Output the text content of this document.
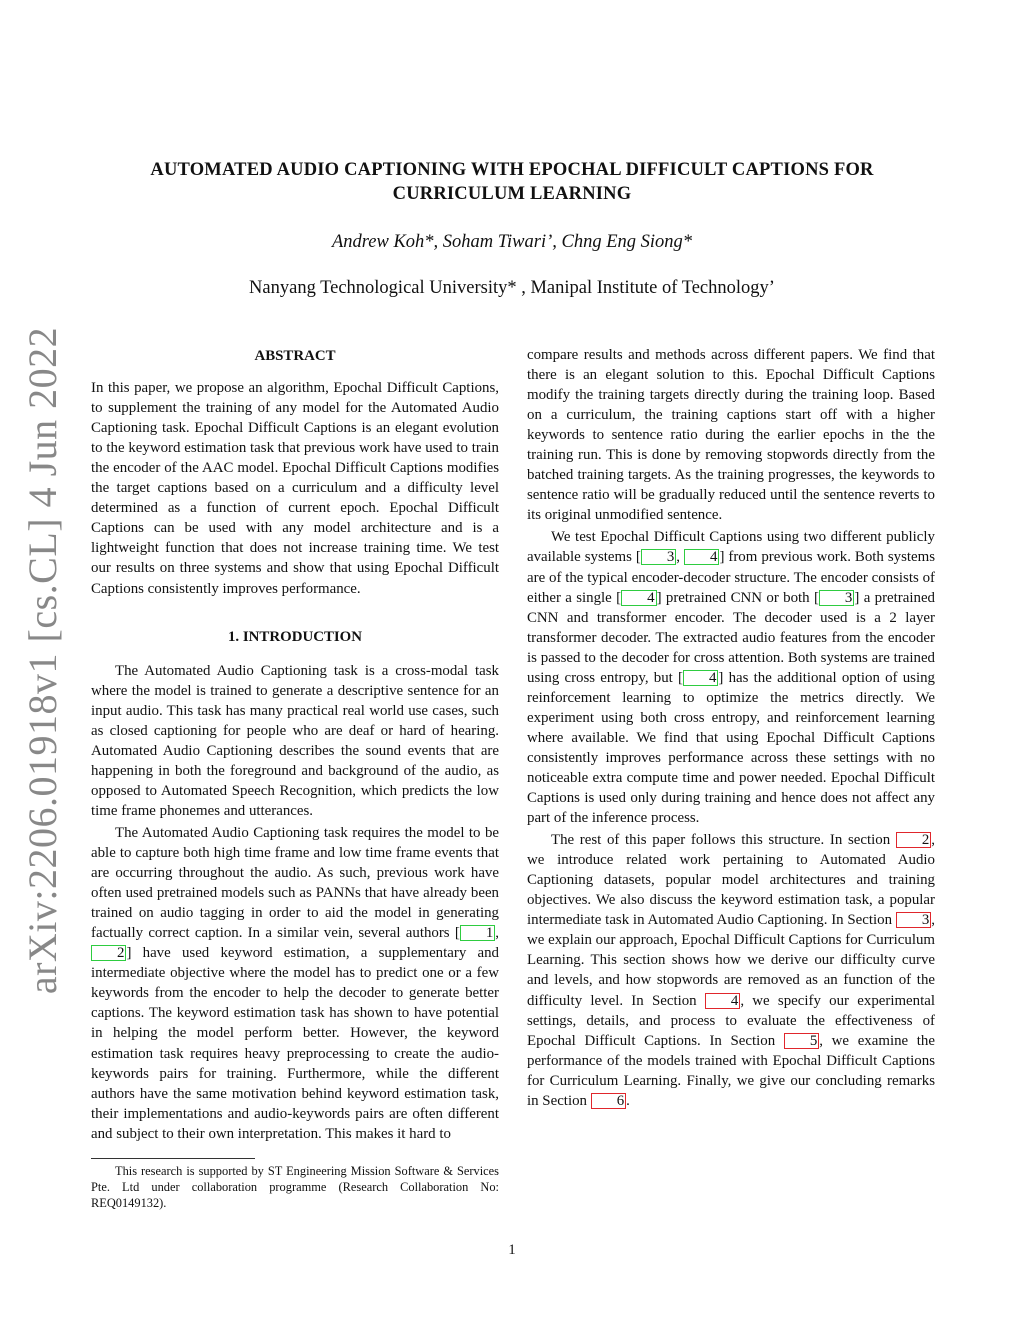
arXiv:2206.01918v1 [cs.CL] 4 Jun 2022
AUTOMATED AUDIO CAPTIONING WITH EPOCHAL DIFFICULT CAPTIONS FOR
CURRICULUM LEARNING
Andrew Koh*, Soham Tiwari’, Chng Eng Siong*
Nanyang Technological University* , Manipal Institute of Technology’
ABSTRACT

In this paper, we propose an algorithm, Epochal Difficult Captions, to supplement the training of any model for the Automated Audio Captioning task. Epochal Difficult Captions is an elegant evolution to the keyword estimation task that previous work have used to train the encoder of the AAC model. Epochal Difficult Captions modifies the target captions based on a curriculum and a difficulty level determined as a function of current epoch. Epochal Difficult Captions can be used with any model architecture and is a lightweight function that does not increase training time. We test our results on three systems and show that using Epochal Difficult Captions consistently improves performance.

1. INTRODUCTION

The Automated Audio Captioning task is a cross-modal task where the model is trained to generate a descriptive sentence for an input audio. This task has many practical real world use cases, such as closed captioning for people who are deaf or hard of hearing. Automated Audio Captioning describes the sound events that are happening in both the foreground and background of the audio, as opposed to Automated Speech Recognition, which predicts the low time frame phonemes and utterances.

The Automated Audio Captioning task requires the model to be able to capture both high time frame and low time frame events that are occurring throughout the audio. As such, previous work have often used pretrained models such as PANNs that have already been trained on audio tagging in order to aid the model in generating factually correct caption. In a similar vein, several authors [ 1 , 2 ] have used keyword estimation, a supplementary and intermediate objective where the model has to predict one or a few keywords from the encoder to help the decoder to generate better captions. The keyword estimation task has shown to have potential in helping the model perform better. However, the keyword estimation task requires heavy preprocessing to create the audio-keywords pairs for training. Furthermore, while the different authors have the same motivation behind keyword estimation task, their implementations and audio-keywords pairs are often different and subject to their own interpretation. This makes it hard to

compare results and methods across different papers. We find that there is an elegant solution to this. Epochal Difficult Captions modify the training targets directly during the training loop. Based on a curriculum, the training captions start off with a higher keywords to sentence ratio during the earlier epochs in the the training run. This is done by removing stopwords directly from the batched training targets. As the training progresses, the keywords to sentence ratio will be gradually reduced until the sentence reverts to its original unmodified sentence.

We test Epochal Difficult Captions using two different publicly available systems [ 3 , 4 ] from previous work. Both systems are of the typical encoder-decoder structure. The encoder consists of either a single [ 4 ] pretrained CNN or both [ 3 ] a pretrained CNN and transformer encoder. The decoder used is a 2 layer transformer decoder. The extracted audio features from the encoder is passed to the decoder for cross attention. Both systems are trained using cross entropy, but [ 4 ] has the additional option of using reinforcement learning to optimize the metrics directly. We experiment using both cross entropy, and reinforcement learning where available. We find that using Epochal Difficult Captions consistently improves performance across these settings with no noticeable extra compute time and power needed. Epochal Difficult Captions is used only during training and hence does not affect any part of the inference process.

The rest of this paper follows this structure. In section 2 , we introduce related work pertaining to Automated Audio Captioning datasets, popular model architectures and training objectives. We also discuss the keyword estimation task, a popular intermediate task in Automated Audio Captioning. In Section 3 , we explain our approach, Epochal Difficult Captions for Curriculum Learning. This section shows how we derive our difficulty curve and levels, and how stopwords are removed as an function of the difficulty level. In Section 4 , we specify our experimental settings, details, and process to evaluate the effectiveness of Epochal Difficult Captions. In Section 5 , we examine the performance of the models trained with Epochal Difficult Captions for Curriculum Learning. Finally, we give our concluding remarks in Section 6 .

This research is supported by ST Engineering Mission Software & Services Pte. Ltd under collaboration programme (Research Collaboration No: REQ0149132).
1
